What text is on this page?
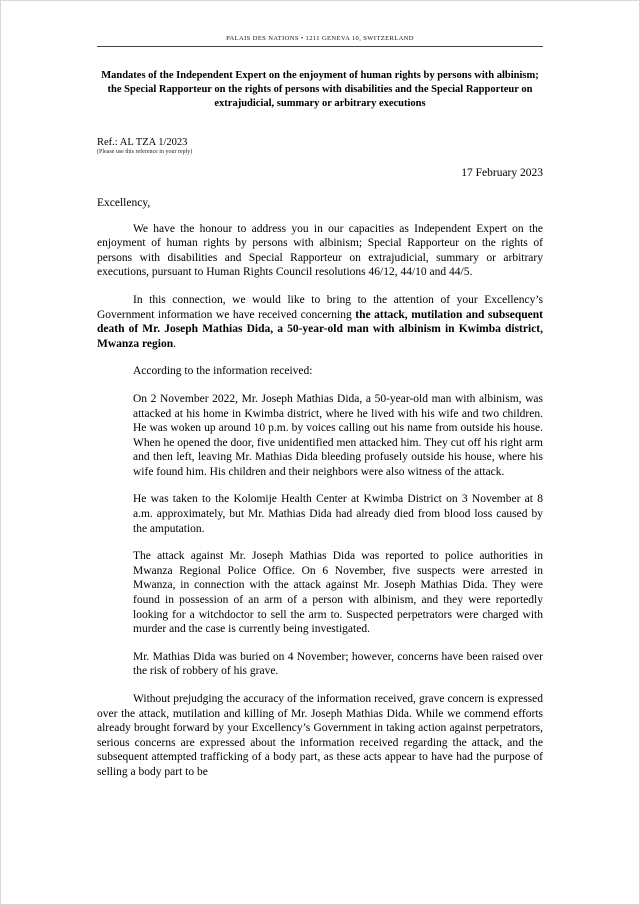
PALAIS DES NATIONS • 1211 GENEVA 10, SWITZERLAND
Mandates of the Independent Expert on the enjoyment of human rights by persons with albinism; the Special Rapporteur on the rights of persons with disabilities and the Special Rapporteur on extrajudicial, summary or arbitrary executions
Ref.: AL TZA 1/2023
(Please use this reference in your reply)
17 February 2023
Excellency,

We have the honour to address you in our capacities as Independent Expert on the enjoyment of human rights by persons with albinism; Special Rapporteur on the rights of persons with disabilities and Special Rapporteur on extrajudicial, summary or arbitrary executions, pursuant to Human Rights Council resolutions 46/12, 44/10 and 44/5.

In this connection, we would like to bring to the attention of your Excellency’s Government information we have received concerning the attack, mutilation and subsequent death of Mr. Joseph Mathias Dida, a 50-year-old man with albinism in Kwimba district, Mwanza region.

According to the information received:

On 2 November 2022, Mr. Joseph Mathias Dida, a 50-year-old man with albinism, was attacked at his home in Kwimba district, where he lived with his wife and two children. He was woken up around 10 p.m. by voices calling out his name from outside his house. When he opened the door, five unidentified men attacked him. They cut off his right arm and then left, leaving Mr. Mathias Dida bleeding profusely outside his house, where his wife found him. His children and their neighbors were also witness of the attack.

He was taken to the Kolomije Health Center at Kwimba District on 3 November at 8 a.m. approximately, but Mr. Mathias Dida had already died from blood loss caused by the amputation.

The attack against Mr. Joseph Mathias Dida was reported to police authorities in Mwanza Regional Police Office. On 6 November, five suspects were arrested in Mwanza, in connection with the attack against Mr. Joseph Mathias Dida. They were found in possession of an arm of a person with albinism, and they were reportedly looking for a witchdoctor to sell the arm to. Suspected perpetrators were charged with murder and the case is currently being investigated.

Mr. Mathias Dida was buried on 4 November; however, concerns have been raised over the risk of robbery of his grave.

Without prejudging the accuracy of the information received, grave concern is expressed over the attack, mutilation and killing of Mr. Joseph Mathias Dida. While we commend efforts already brought forward by your Excellency’s Government in taking action against perpetrators, serious concerns are expressed about the information received regarding the attack, and the subsequent attempted trafficking of a body part, as these acts appear to have had the purpose of selling a body part to be
